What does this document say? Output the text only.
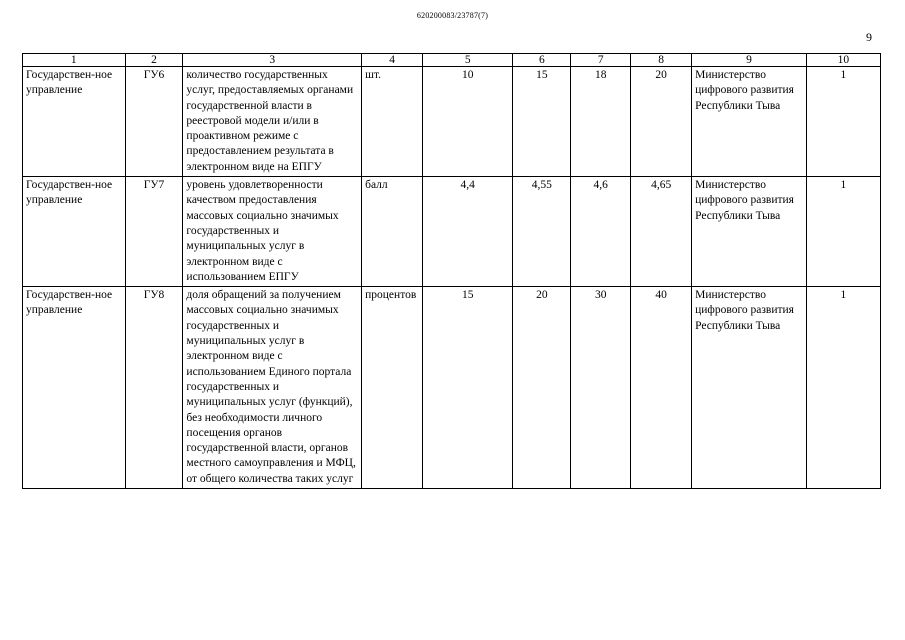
620200083/23787(7)
9
1	2	3	4	5	6	7	8	9	10
Государствен-ное управление	ГУ6	количество государственных услуг, предоставляемых органами государственной власти в реестровой модели и/или в проактивном режиме с предоставлением результата в электронном виде на ЕПГУ	шт.	10	15	18	20	Министерство цифрового развития Республики Тыва	1
Государствен-ное управление	ГУ7	уровень удовлетворенности качеством предоставления массовых социально значимых государственных и муниципальных услуг в электронном виде с использованием ЕПГУ	балл	4,4	4,55	4,6	4,65	Министерство цифрового развития Республики Тыва	1
Государствен-ное управление	ГУ8	доля обращений за получением массовых социально значимых государственных и муниципальных услуг в электронном виде с использованием Единого портала государственных и муниципальных услуг (функций), без необходимости личного посещения органов государственной власти, органов местного самоуправления и МФЦ, от общего количества таких услуг	процентов	15	20	30	40	Министерство цифрового развития Республики Тыва	1
